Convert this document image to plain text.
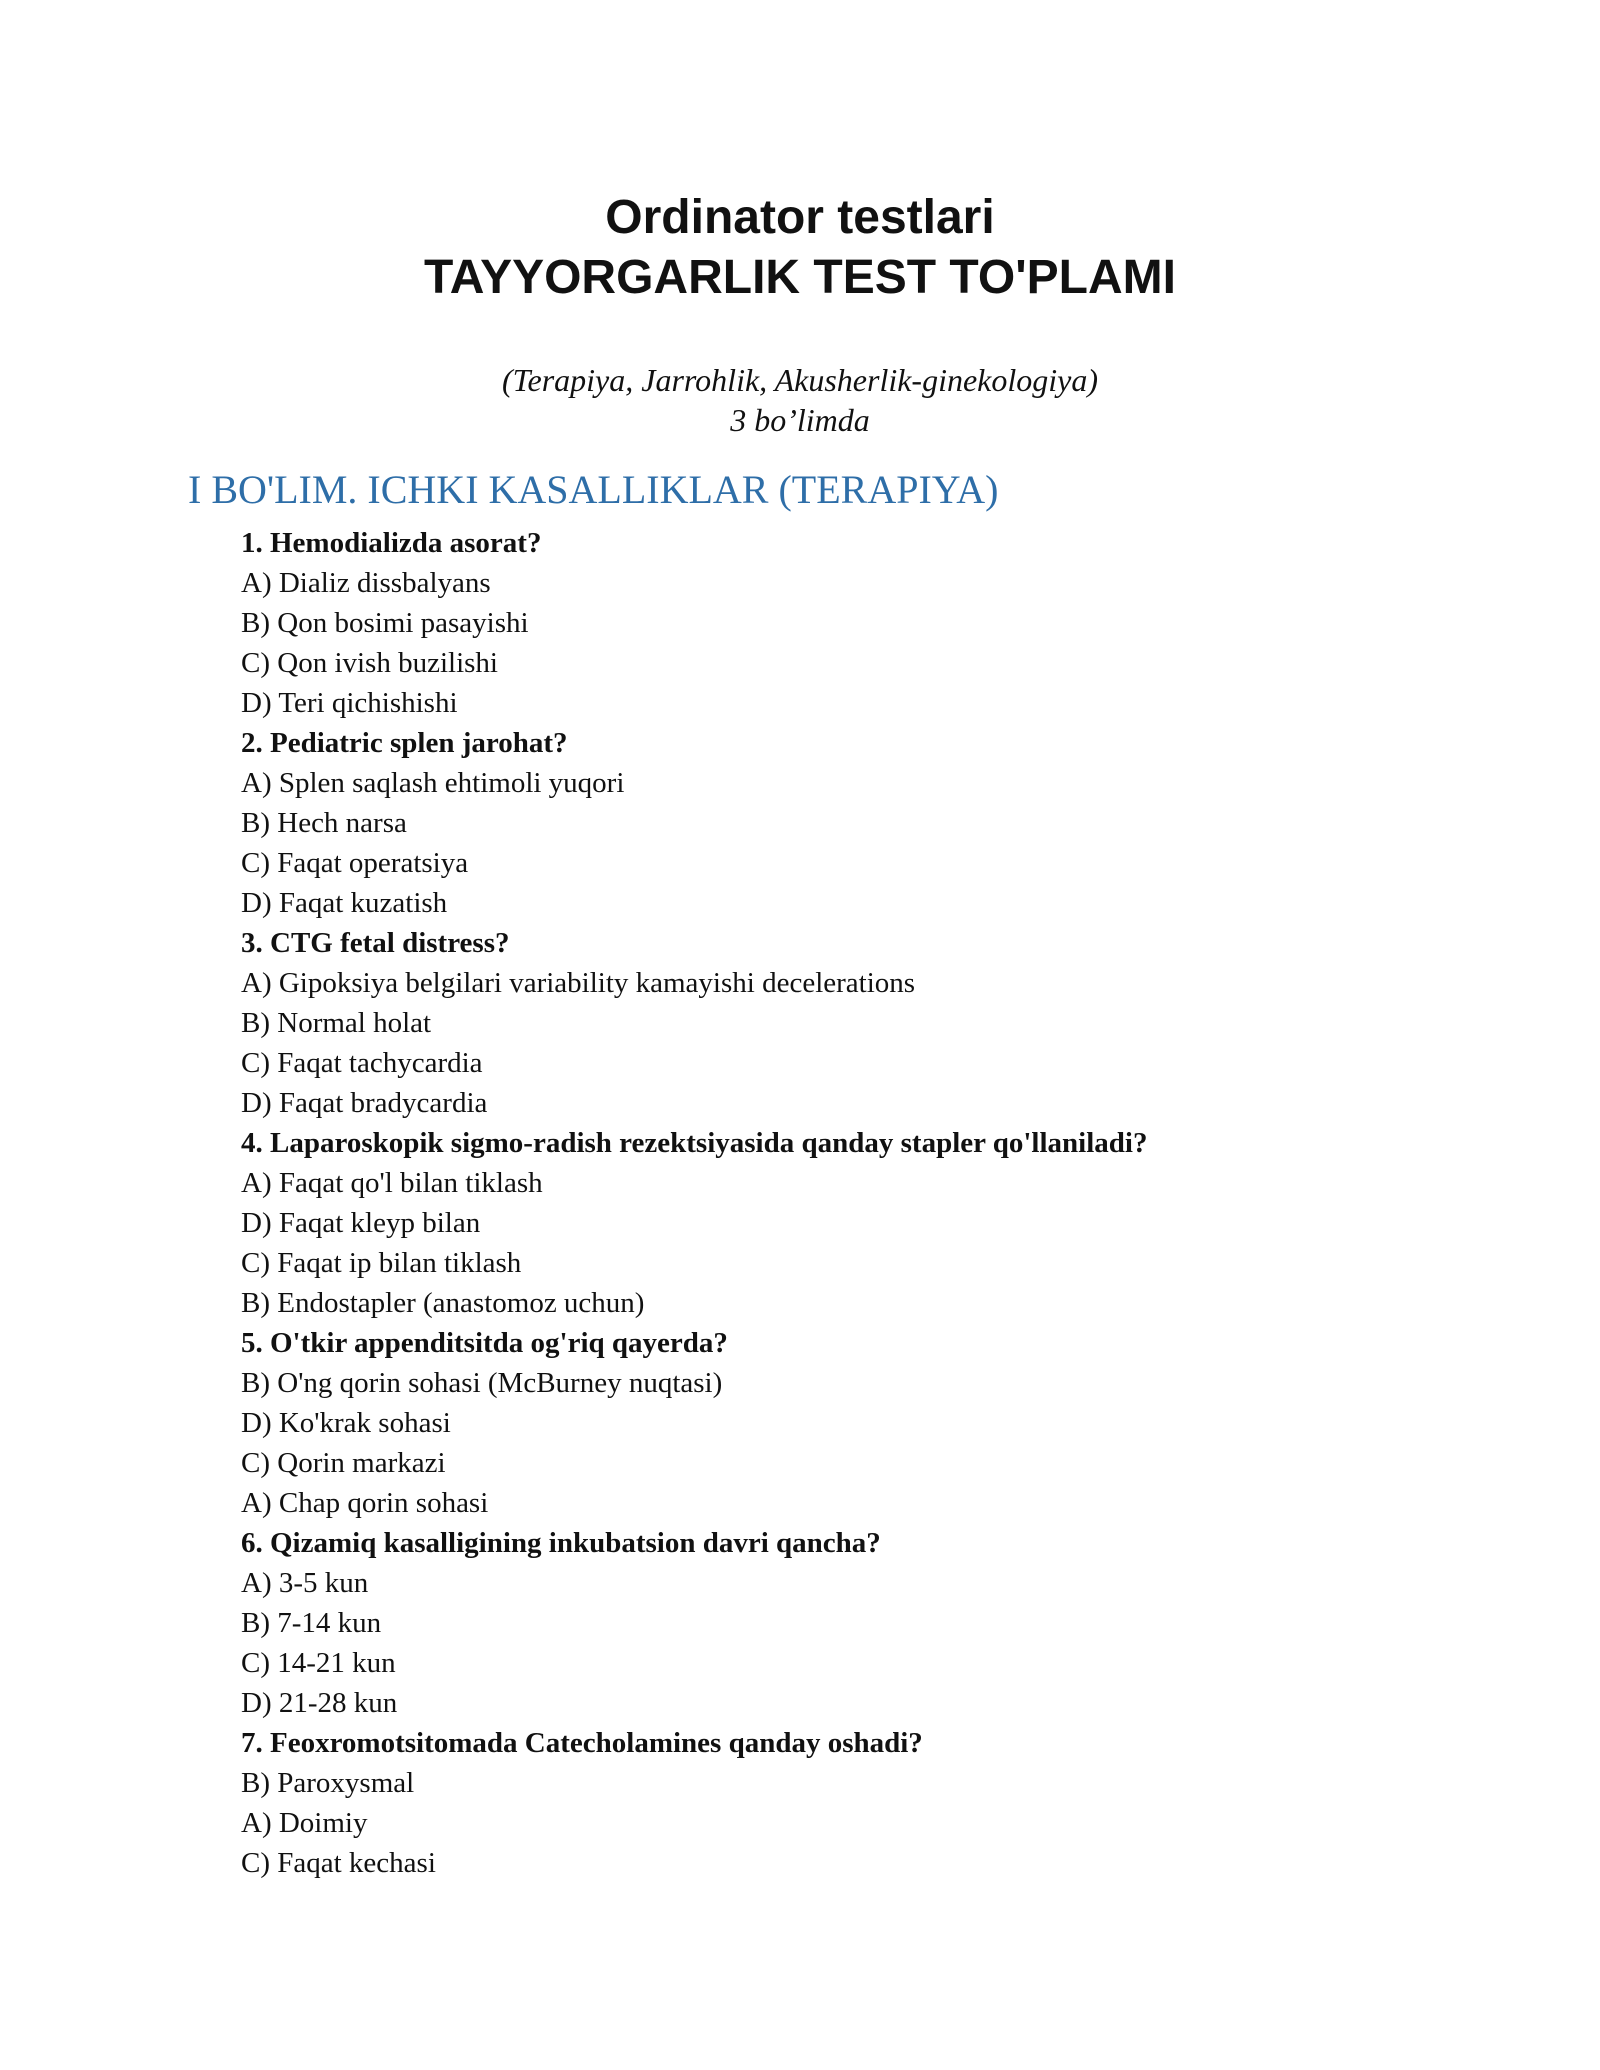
Ordinator testlari
TAYYORGARLIK TEST TO'PLAMI
(Terapiya, Jarrohlik, Akusherlik-ginekologiya)
3 bo’limda
I BO'LIM. ICHKI KASALLIKLAR (TERAPIYA)
1. Hemodializda asorat?
A) Dializ dissbalyans
B) Qon bosimi pasayishi
C) Qon ivish buzilishi
D) Teri qichishishi
2. Pediatric splen jarohat?
A) Splen saqlash ehtimoli yuqori
B) Hech narsa
C) Faqat operatsiya
D) Faqat kuzatish
3. CTG fetal distress?
A) Gipoksiya belgilari variability kamayishi decelerations
B) Normal holat
C) Faqat tachycardia
D) Faqat bradycardia
4. Laparoskopik sigmo-radish rezektsiyasida qanday stapler qo'llaniladi?
A) Faqat qo'l bilan tiklash
D) Faqat kleyp bilan
C) Faqat ip bilan tiklash
B) Endostapler (anastomoz uchun)
5. O'tkir appenditsitda og'riq qayerda?
B) O'ng qorin sohasi (McBurney nuqtasi)
D) Ko'krak sohasi
C) Qorin markazi
A) Chap qorin sohasi
6. Qizamiq kasalligining inkubatsion davri qancha?
A) 3-5 kun
B) 7-14 kun
C) 14-21 kun
D) 21-28 kun
7. Feoxromotsitomada Catecholamines qanday oshadi?
B) Paroxysmal
A) Doimiy
C) Faqat kechasi
